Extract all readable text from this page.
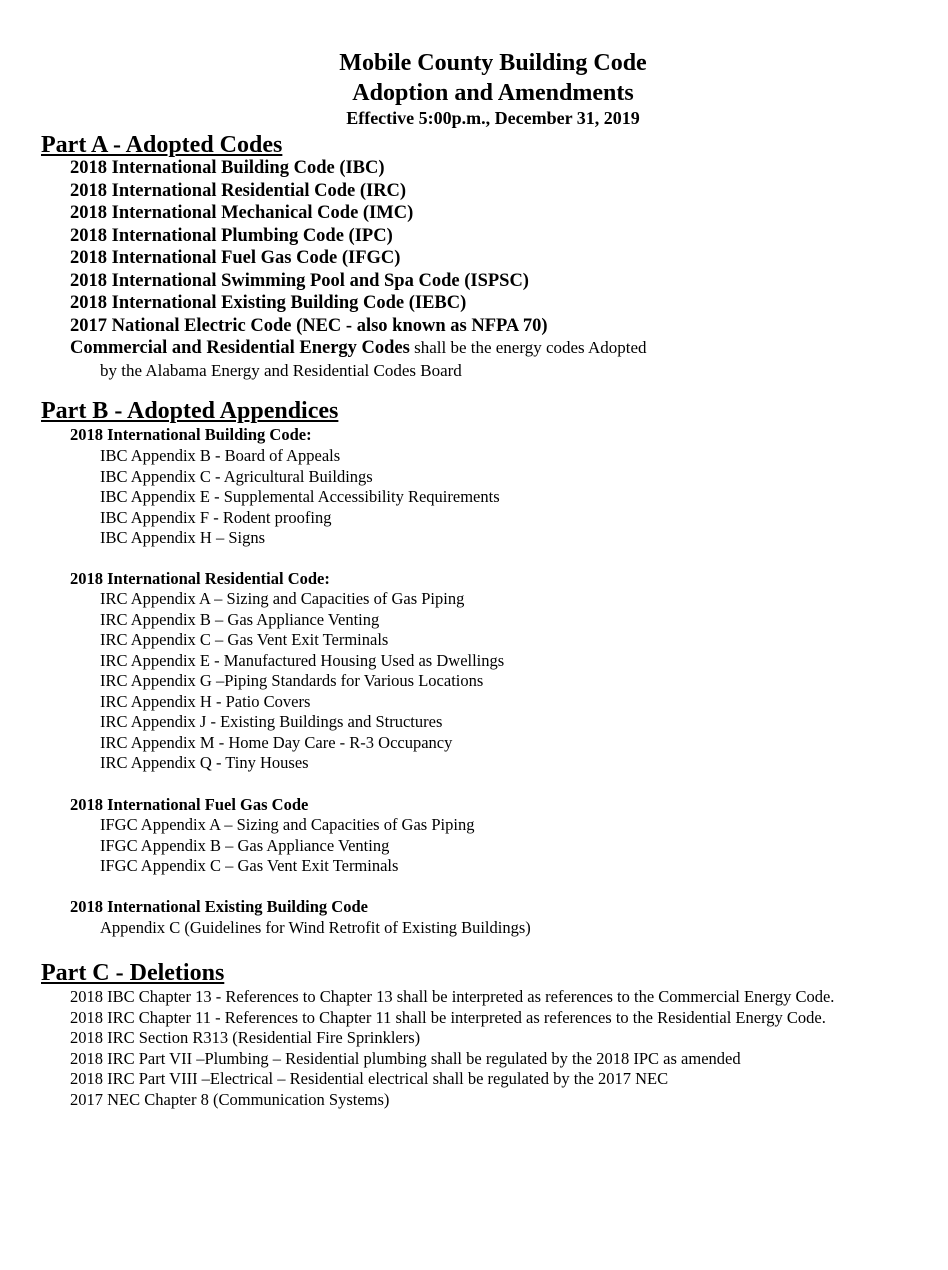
Mobile County Building Code
Adoption and Amendments
Effective 5:00p.m., December 31, 2019
Part A - Adopted Codes
2018 International Building Code (IBC)
2018 International Residential Code (IRC)
2018 International Mechanical Code (IMC)
2018 International Plumbing Code (IPC)
2018 International Fuel Gas Code (IFGC)
2018 International Swimming Pool and Spa Code (ISPSC)
2018 International Existing Building Code (IEBC)
2017 National Electric Code (NEC - also known as NFPA 70)
Commercial and Residential Energy Codes shall be the energy codes Adopted
by the Alabama Energy and Residential Codes Board
Part B - Adopted Appendices
2018 International Building Code:
IBC Appendix B - Board of Appeals
IBC Appendix C - Agricultural Buildings
IBC Appendix E - Supplemental Accessibility Requirements
IBC Appendix F - Rodent proofing
IBC Appendix H – Signs
2018 International Residential Code:
IRC Appendix A – Sizing and Capacities of Gas Piping
IRC Appendix B – Gas Appliance Venting
IRC Appendix C – Gas Vent Exit Terminals
IRC Appendix E - Manufactured Housing Used as Dwellings
IRC Appendix G –Piping Standards for Various Locations
IRC Appendix H - Patio Covers
IRC Appendix J - Existing Buildings and Structures
IRC Appendix M - Home Day Care - R-3 Occupancy
IRC Appendix Q - Tiny Houses
2018 International Fuel Gas Code
IFGC Appendix A – Sizing and Capacities of Gas Piping
IFGC Appendix B – Gas Appliance Venting
IFGC Appendix C – Gas Vent Exit Terminals
2018 International Existing Building Code
Appendix C (Guidelines for Wind Retrofit of Existing Buildings)
Part C - Deletions
2018 IBC Chapter 13 - References to Chapter 13 shall be interpreted as references to the Commercial Energy Code.
2018 IRC Chapter 11 - References to Chapter 11 shall be interpreted as references to the Residential Energy Code.
2018 IRC Section R313 (Residential Fire Sprinklers)
2018 IRC Part VII –Plumbing – Residential plumbing shall be regulated by the 2018 IPC as amended
2018 IRC Part VIII –Electrical – Residential electrical shall be regulated by the 2017 NEC
2017 NEC Chapter 8 (Communication Systems)
